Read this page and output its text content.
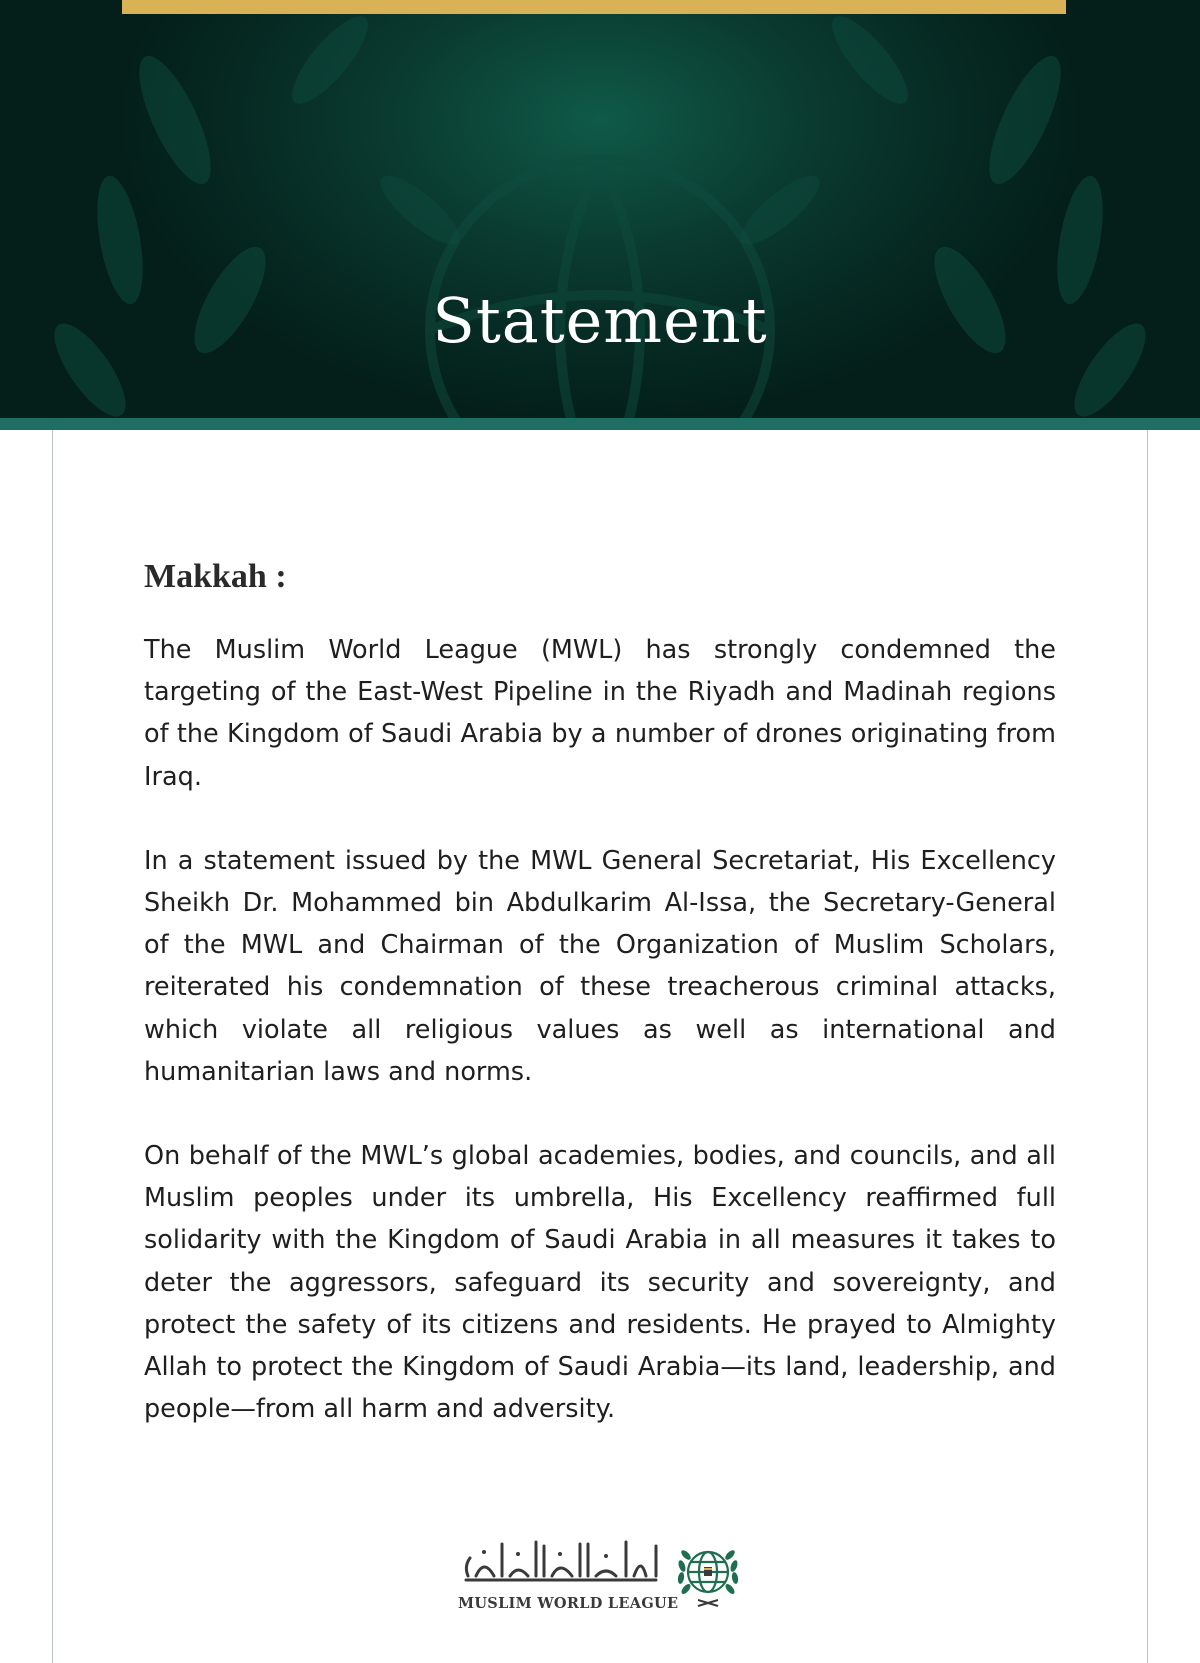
Statement
Makkah :

The Muslim World League (MWL) has strongly condemned the targeting of the East-West Pipeline in the Riyadh and Madinah regions of the Kingdom of Saudi Arabia by a number of drones originating from Iraq.

In a statement issued by the MWL General Secretariat, His Excellency Sheikh Dr. Mohammed bin Abdulkarim Al-Issa, the Secretary-General of the MWL and Chairman of the Organization of Muslim Scholars, reiterated his condemnation of these treacherous criminal attacks, which violate all religious values as well as international and humanitarian laws and norms.

On behalf of the MWL’s global academies, bodies, and councils, and all Muslim peoples under its umbrella, His Excellency reaffirmed full solidarity with the Kingdom of Saudi Arabia in all measures it takes to deter the aggressors, safeguard its security and sovereignty, and protect the safety of its citizens and residents. He prayed to Almighty Allah to protect the Kingdom of Saudi Arabia—its land, leadership, and people—from all harm and adversity.

MUSLIM WORLD LEAGUE
